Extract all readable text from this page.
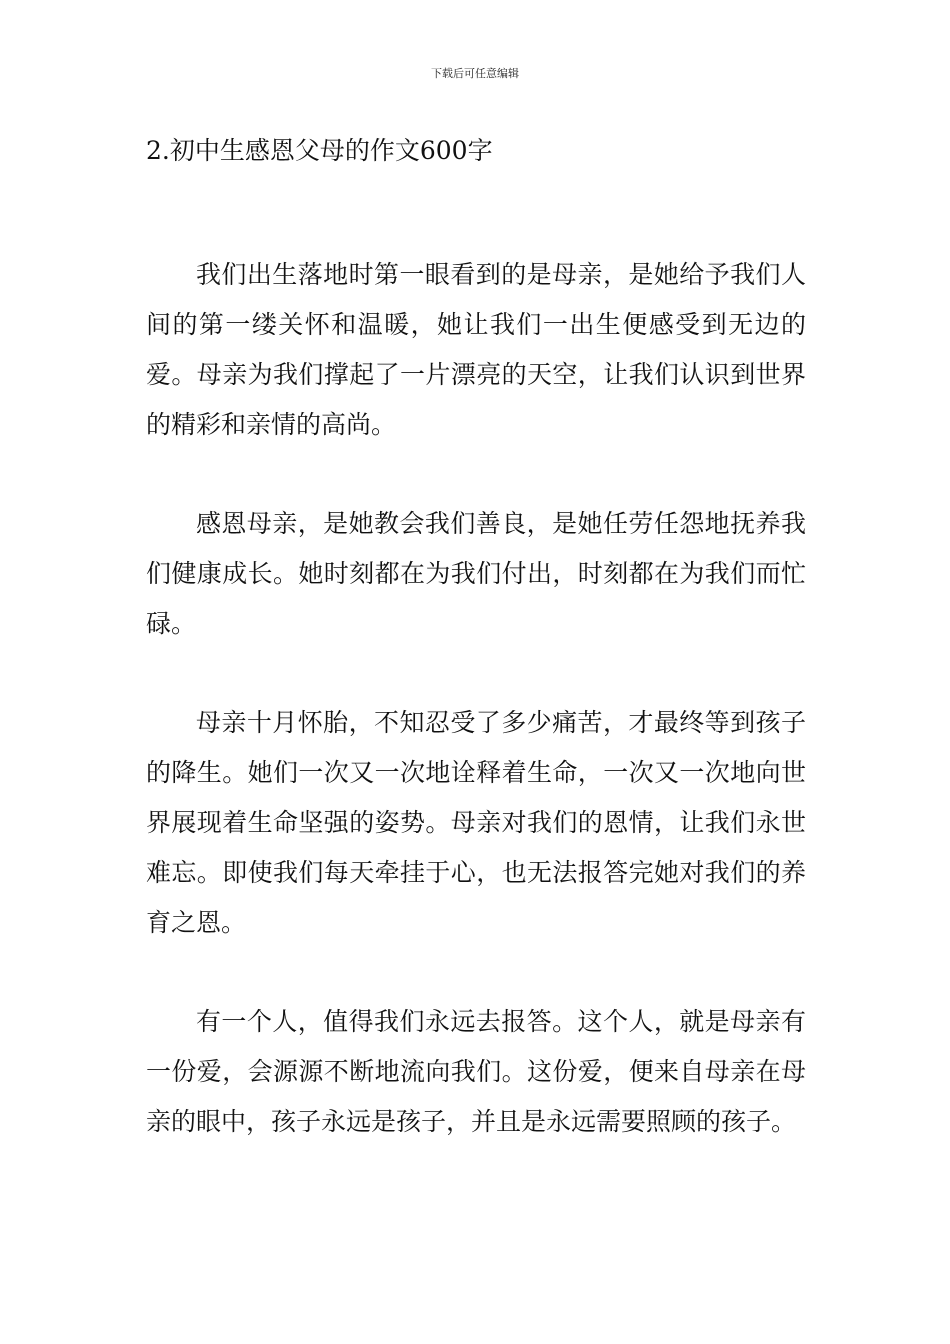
下载后可任意编辑
2.初中生感恩父母的作文600字

我们出生落地时第一眼看到的是母亲，是她给予我们人间的第一缕关怀和温暖，她让我们一出生便感受到无边的爱。母亲为我们撑起了一片漂亮的天空，让我们认识到世界的精彩和亲情的高尚。

感恩母亲，是她教会我们善良，是她任劳任怨地抚养我们健康成长。她时刻都在为我们付出，时刻都在为我们而忙碌。

母亲十月怀胎，不知忍受了多少痛苦，才最终等到孩子的降生。她们一次又一次地诠释着生命，一次又一次地向世界展现着生命坚强的姿势。母亲对我们的恩情，让我们永世难忘。即使我们每天牵挂于心，也无法报答完她对我们的养育之恩。

有一个人，值得我们永远去报答。这个人，就是母亲有一份爱，会源源不断地流向我们。这份爱，便来自母亲在母亲的眼中，孩子永远是孩子，并且是永远需要照顾的孩子。
